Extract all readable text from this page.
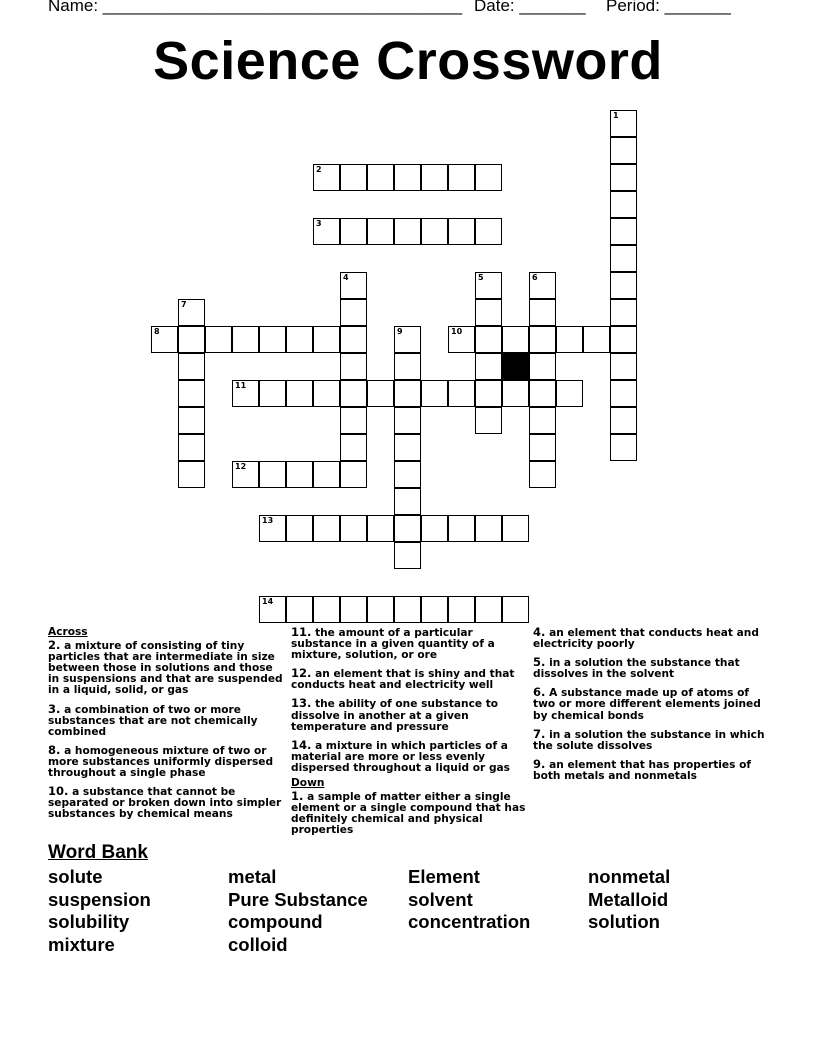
Name: ______________________________________ Date: _______ Period: _______
Science Crossword
1
2
3
4	5	6
7
8	9	10
11
12
13
14
Across
2. a mixture of consisting of tiny particles that are intermediate in size between those in solutions and those in suspensions and that are suspended in a liquid, solid, or gas
3. a combination of two or more substances that are not chemically combined
8. a homogeneous mixture of two or more substances uniformly dispersed throughout a single phase
10. a substance that cannot be separated or broken down into simpler substances by chemical means
11. the amount of a particular substance in a given quantity of a mixture, solution, or ore
12. an element that is shiny and that conducts heat and electricity well
13. the ability of one substance to dissolve in another at a given temperature and pressure
14. a mixture in which particles of a material are more or less evenly dispersed throughout a liquid or gas
Down
1. a sample of matter either a single element or a single compound that has definitely chemical and physical properties
4. an element that conducts heat and electricity poorly
5. in a solution the substance that dissolves in the solvent
6. A substance made up of atoms of two or more different elements joined by chemical bonds
7. in a solution the substance in which the solute dissolves
9. an element that has properties of both metals and nonmetals
Word Bank
solute	metal	Element	nonmetal
suspension	Pure Substance	solvent	Metalloid
solubility	compound	concentration	solution
mixture	colloid
